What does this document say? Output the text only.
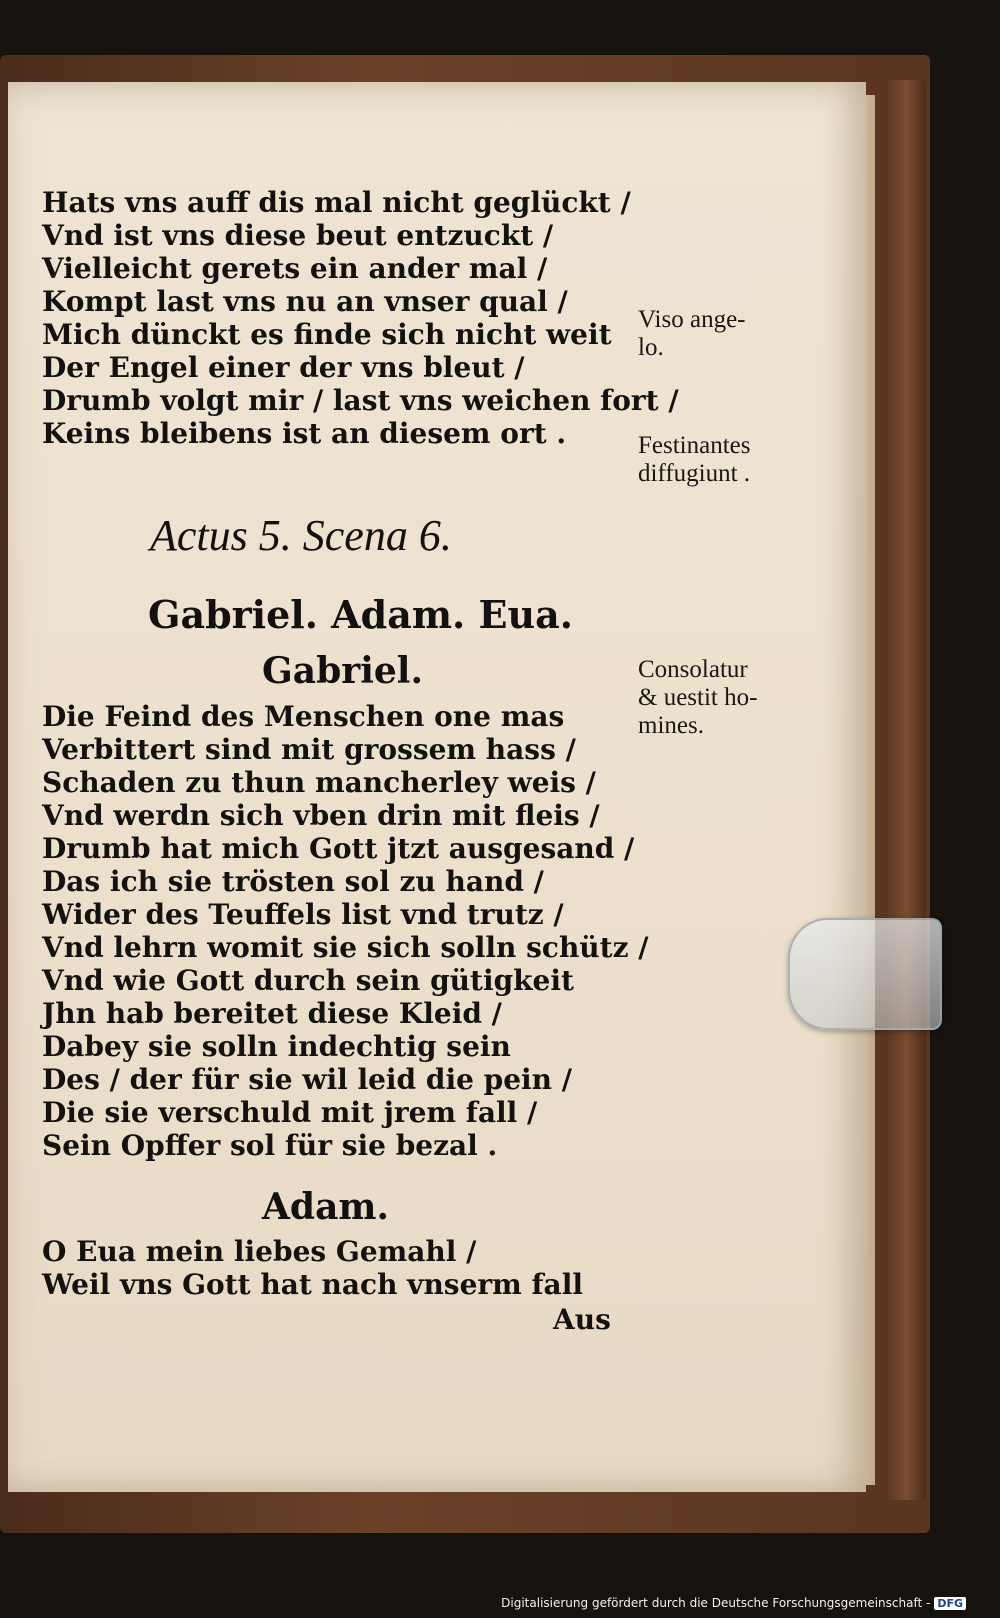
Hats vns auff dis mal nicht geglückt /
Vnd ist vns diese beut entzuckt /
Vielleicht gerets ein ander mal /
Kompt last vns nu an vnser qual /
Mich dünckt es finde sich nicht weit
Der Engel einer der vns bleut /
Drumb volgt mir / last vns weichen fort /
Keins bleibens ist an diesem ort .
Viso ange-
lo.
Festinantes
diffugiunt .
Actus 5. Scena 6.
Gabriel. Adam. Eua.
Gabriel.	Consolatur
& uestit ho-
mines.
Die Feind des Menschen one mas
Verbittert sind mit grossem hass /
Schaden zu thun mancherley weis /
Vnd werdn sich vben drin mit fleis /
Drumb hat mich Gott jtzt ausgesand /
Das ich sie trösten sol zu hand /
Wider des Teuffels list vnd trutz /
Vnd lehrn womit sie sich solln schütz /
Vnd wie Gott durch sein gütigkeit
Jhn hab bereitet diese Kleid /
Dabey sie solln indechtig sein
Des / der für sie wil leid die pein /
Die sie verschuld mit jrem fall /
Sein Opffer sol für sie bezal .
Adam.
O Eua mein liebes Gemahl /
Weil vns Gott hat nach vnserm fall
Aus
Digitalisierung gefördert durch die Deutsche Forschungsgemeinschaft - DFG
